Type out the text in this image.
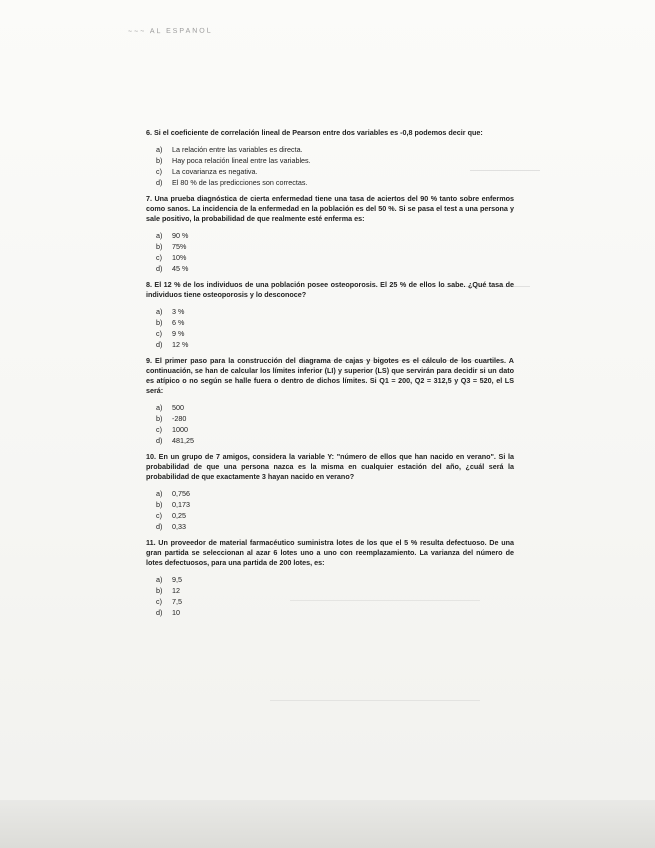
~~~ AL ESPANOL
6. Si el coeficiente de correlación lineal de Pearson entre dos variables es -0,8 podemos decir que:
a)	La relación entre las variables es directa.
b)	Hay poca relación lineal entre las variables.
c)	La covarianza es negativa.
d)	El 80 % de las predicciones son correctas.
7. Una prueba diagnóstica de cierta enfermedad tiene una tasa de aciertos del 90 % tanto sobre enfermos como sanos. La incidencia de la enfermedad en la población es del 50 %. Si se pasa el test a una persona y sale positivo, la probabilidad de que realmente esté enferma es:
a)	90 %
b)	75%
c)	10%
d)	45 %
8. El 12 % de los individuos de una población posee osteoporosis. El 25 % de ellos lo sabe. ¿Qué tasa de individuos tiene osteoporosis y lo desconoce?
a)	3 %
b)	6 %
c)	9 %
d)	12 %
9. El primer paso para la construcción del diagrama de cajas y bigotes es el cálculo de los cuartiles. A continuación, se han de calcular los límites inferior (LI) y superior (LS) que servirán para decidir si un dato es atípico o no según se halle fuera o dentro de dichos límites. Si Q1 = 200, Q2 = 312,5 y Q3 = 520, el LS será:
a)	500
b)	-280
c)	1000
d)	481,25
10. En un grupo de 7 amigos, considera la variable Y: "número de ellos que han nacido en verano". Si la probabilidad de que una persona nazca es la misma en cualquier estación del año, ¿cuál será la probabilidad de que exactamente 3 hayan nacido en verano?
a)	0,756
b)	0,173
c)	0,25
d)	0,33
11. Un proveedor de material farmacéutico suministra lotes de los que el 5 % resulta defectuoso. De una gran partida se seleccionan al azar 6 lotes uno a uno con reemplazamiento. La varianza del número de lotes defectuosos, para una partida de 200 lotes, es:
a)	9,5
b)	12
c)	7,5
d)	10
